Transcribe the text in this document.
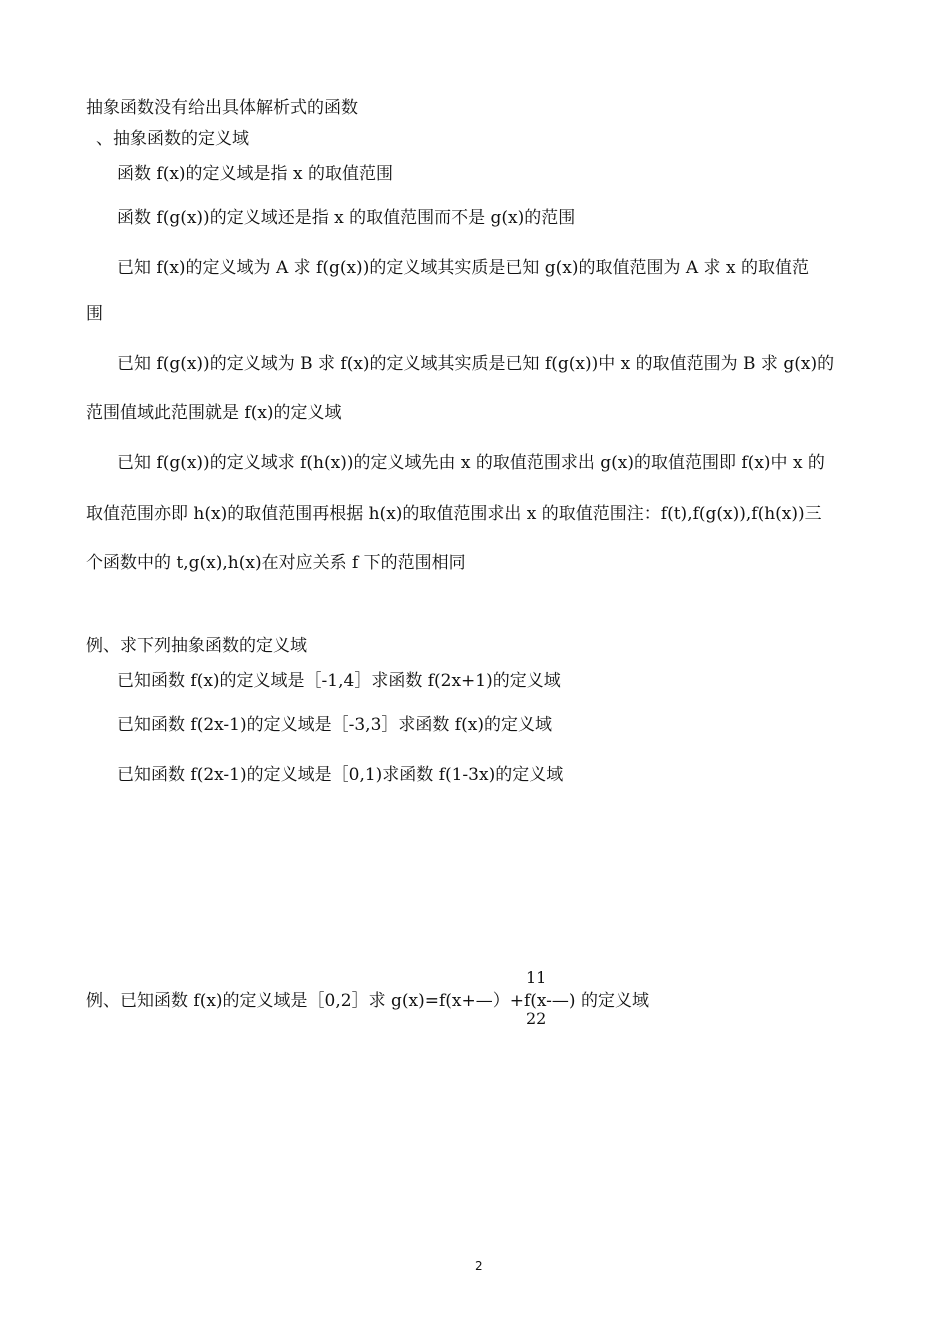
抽象函数没有给出具体解析式的函数
、抽象函数的定义域
函数 f(x)的定义域是指 x 的取值范围
函数 f(g(x))的定义域还是指 x 的取值范围而不是 g(x)的范围
已知 f(x)的定义域为 A 求 f(g(x))的定义域其实质是已知 g(x)的取值范围为 A 求 x 的取值范
围
已知 f(g(x))的定义域为 B 求 f(x)的定义域其实质是已知 f(g(x))中 x 的取值范围为 B 求 g(x)的
范围值域此范围就是 f(x)的定义域
已知 f(g(x))的定义域求 f(h(x))的定义域先由 x 的取值范围求出 g(x)的取值范围即 f(x)中 x 的
取值范围亦即 h(x)的取值范围再根据 h(x)的取值范围求出 x 的取值范围注：f(t),f(g(x)),f(h(x))三
个函数中的 t,g(x),h(x)在对应关系 f 下的范围相同
例、求下列抽象函数的定义域
已知函数 f(x)的定义域是［-1,4］求函数 f(2x+1)的定义域
已知函数 f(2x-1)的定义域是［-3,3］求函数 f(x)的定义域
已知函数 f(2x-1)的定义域是［0,1)求函数 f(1-3x)的定义域
11
例、已知函数 f(x)的定义域是［0,2］求 g(x)=f(x+—）+f(x-—) 的定义域
22
2
